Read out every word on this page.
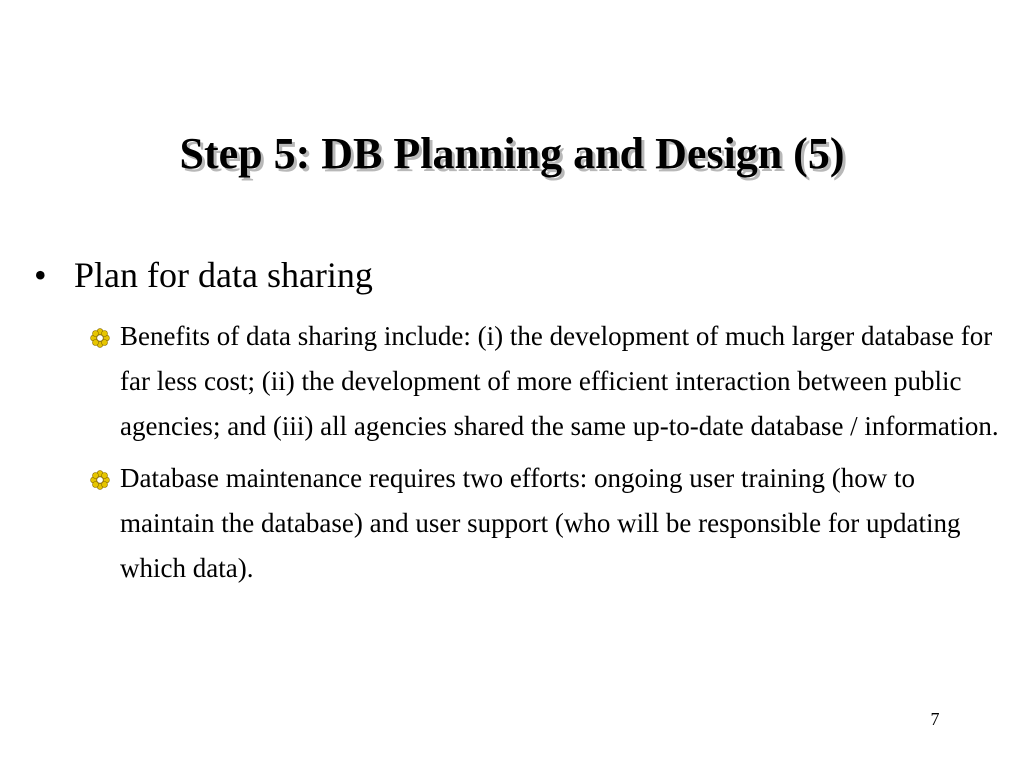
Step 5: DB Planning and Design (5)
• Plan for data sharing
Benefits of data sharing include: (i) the development of much larger database for far less cost; (ii) the development of more efficient interaction between public agencies; and (iii) all agencies shared the same up-to-date database / information.
Database maintenance requires two efforts: ongoing user training (how to maintain the database) and user support (who will be responsible for updating which data).
7
